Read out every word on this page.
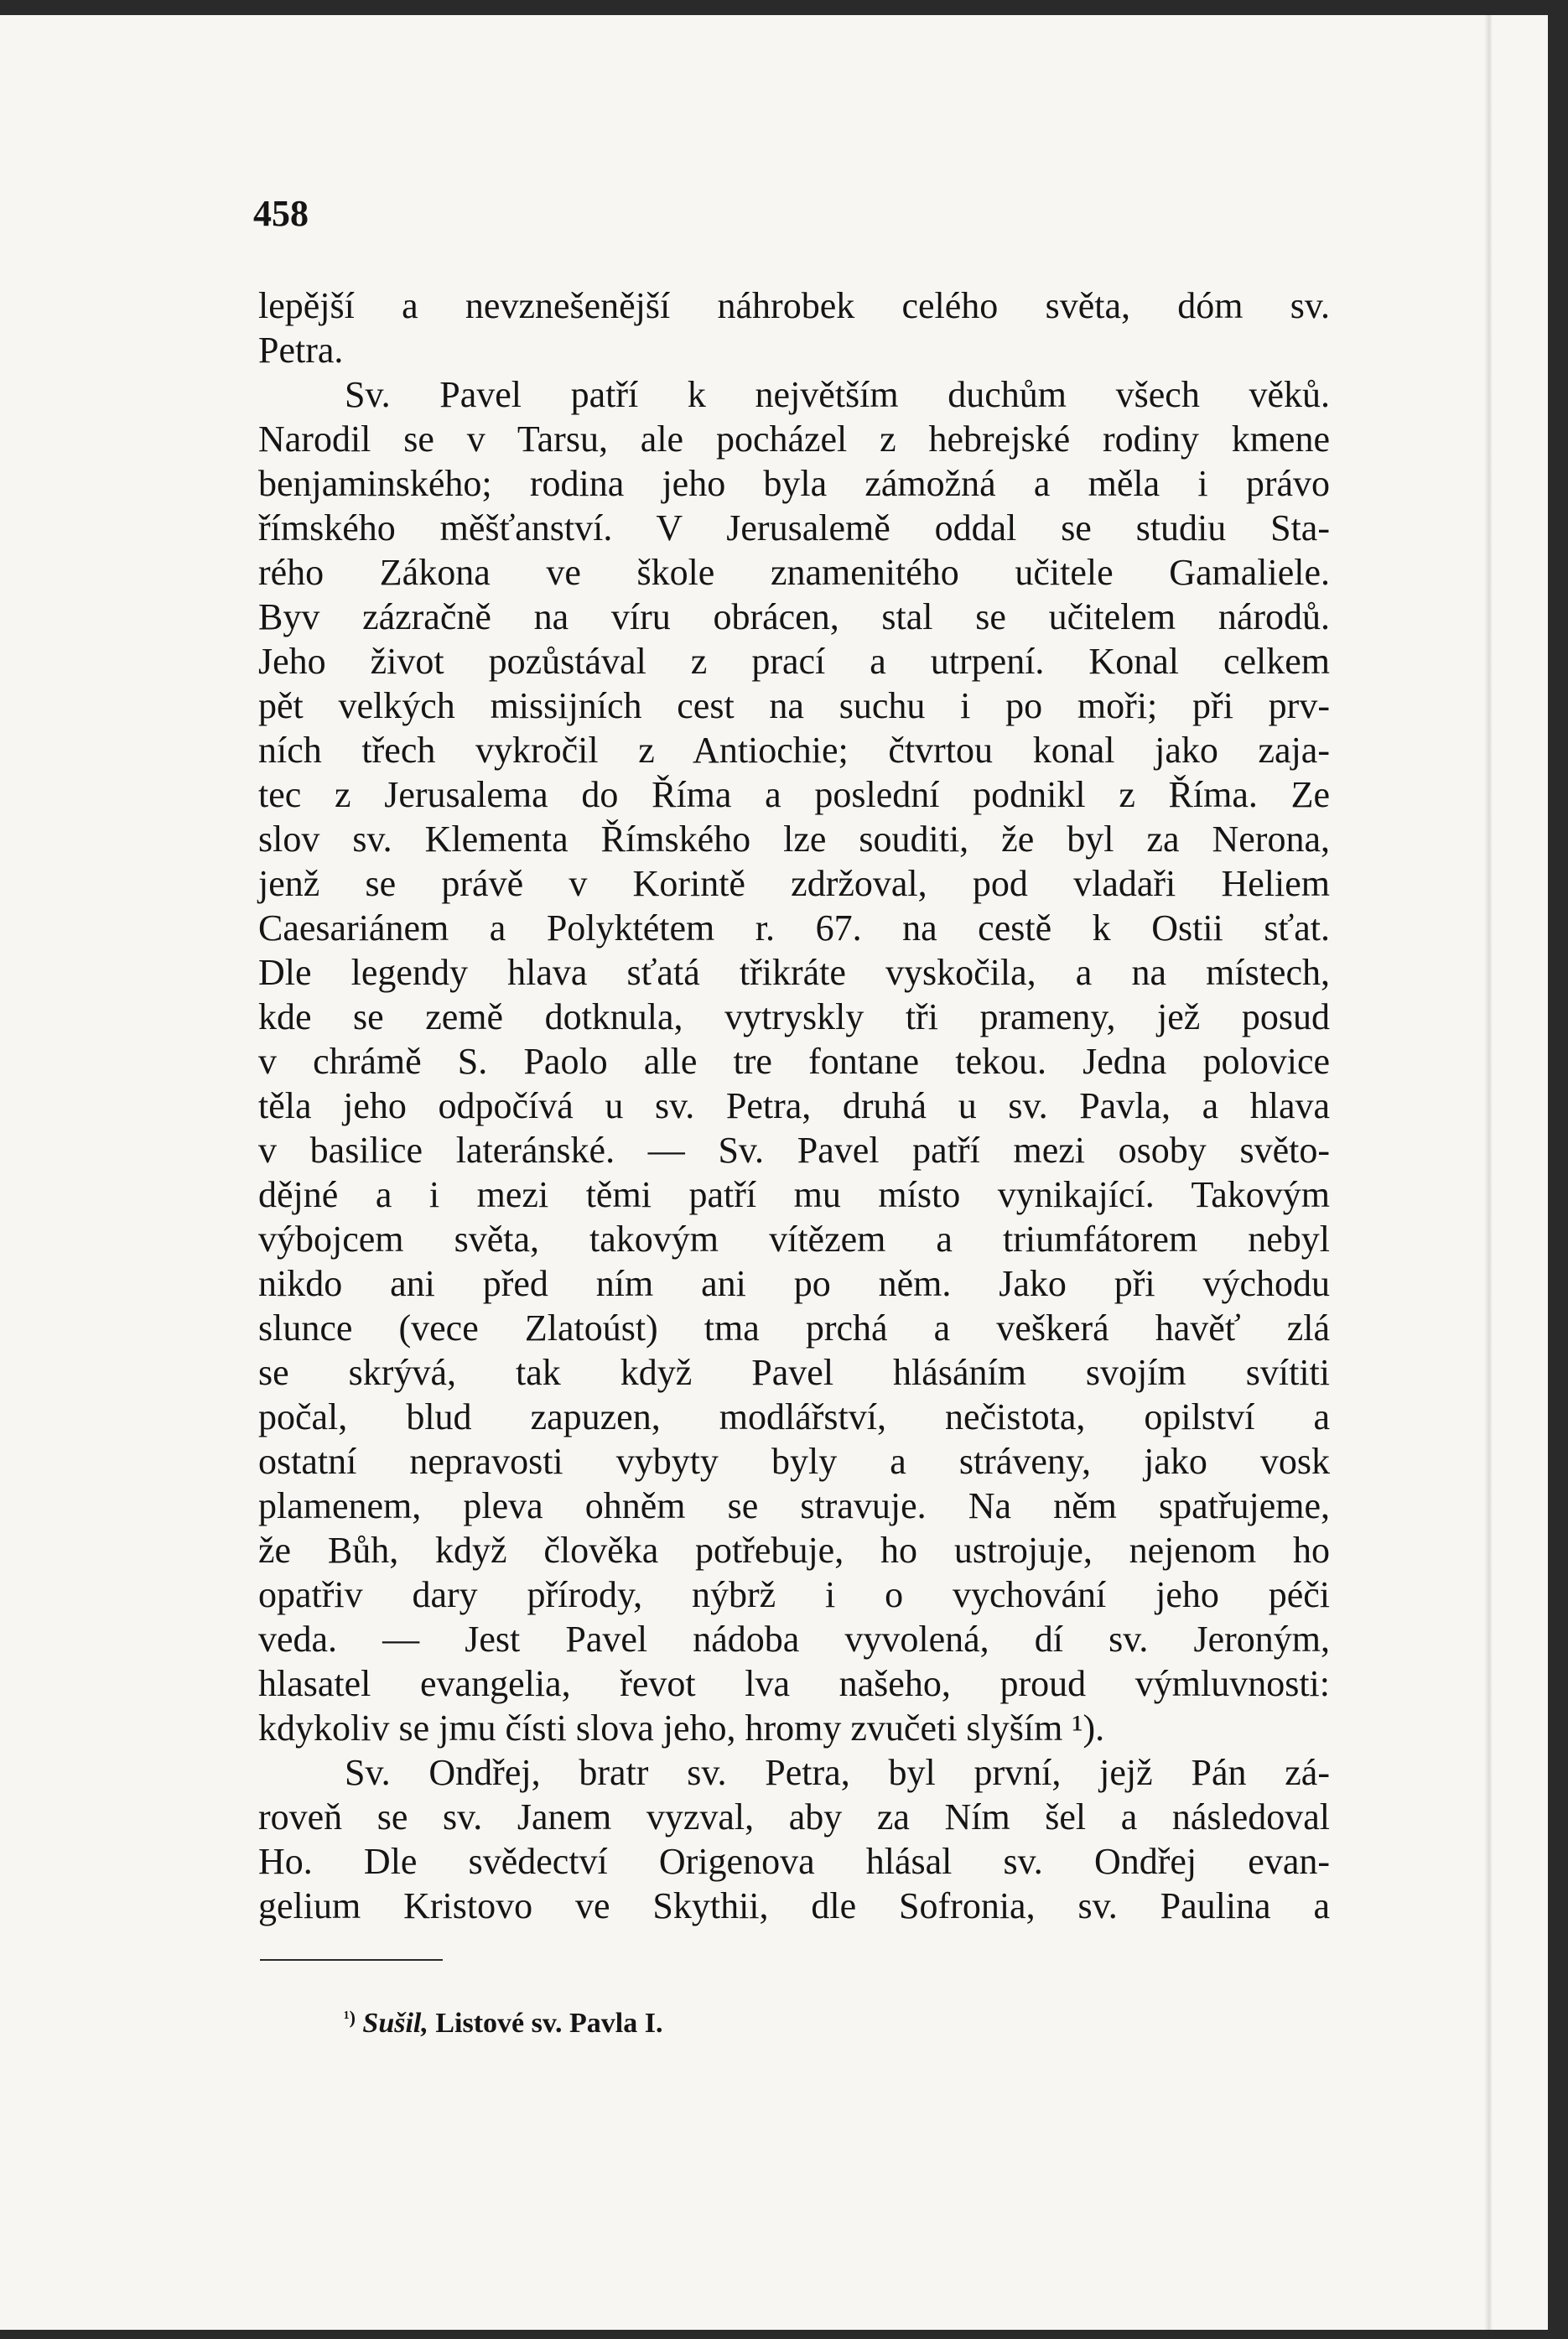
458
lepější a nevznešenější náhrobek celého světa, dóm sv.
Petra.
Sv. Pavel patří k největším duchům všech věků.
Narodil se v Tarsu, ale pocházel z hebrejské rodiny kmene
benjaminského; rodina jeho byla zámožná a měla i právo
římského měšťanství. V Jerusalemě oddal se studiu Sta-
rého Zákona ve škole znamenitého učitele Gamaliele.
Byv zázračně na víru obrácen, stal se učitelem národů.
Jeho život pozůstával z prací a utrpení. Konal celkem
pět velkých missijních cest na suchu i po moři; při prv-
ních třech vykročil z Antiochie; čtvrtou konal jako zaja-
tec z Jerusalema do Říma a poslední podnikl z Říma. Ze
slov sv. Klementa Římského lze souditi, že byl za Nerona,
jenž se právě v Korintě zdržoval, pod vladaři Heliem
Caesariánem a Polyktétem r. 67. na cestě k Ostii sťat.
Dle legendy hlava sťatá třikráte vyskočila, a na místech,
kde se země dotknula, vytryskly tři prameny, jež posud
v chrámě S. Paolo alle tre fontane tekou. Jedna polovice
těla jeho odpočívá u sv. Petra, druhá u sv. Pavla, a hlava
v basilice lateránské. — Sv. Pavel patří mezi osoby světo-
dějné a i mezi těmi patří mu místo vynikající. Takovým
výbojcem světa, takovým vítězem a triumfátorem nebyl
nikdo ani před ním ani po něm. Jako při východu
slunce (vece Zlatoúst) tma prchá a veškerá havěť zlá
se skrývá, tak když Pavel hlásáním svojím svítiti
počal, blud zapuzen, modlářství, nečistota, opilství a
ostatní nepravosti vybyty byly a stráveny, jako vosk
plamenem, pleva ohněm se stravuje. Na něm spatřujeme,
že Bůh, když člověka potřebuje, ho ustrojuje, nejenom ho
opatřiv dary přírody, nýbrž i o vychování jeho péči
veda. — Jest Pavel nádoba vyvolená, dí sv. Jeroným,
hlasatel evangelia, řevot lva našeho, proud výmluvnosti:
kdykoliv se jmu čísti slova jeho, hromy zvučeti slyším ¹).
Sv. Ondřej, bratr sv. Petra, byl první, jejž Pán zá-
roveň se sv. Janem vyzval, aby za Ním šel a následoval
Ho. Dle svědectví Origenova hlásal sv. Ondřej evan-
gelium Kristovo ve Skythii, dle Sofronia, sv. Paulina a
$^{^1)}$ Sušil, Listové sv. Pavla I.
